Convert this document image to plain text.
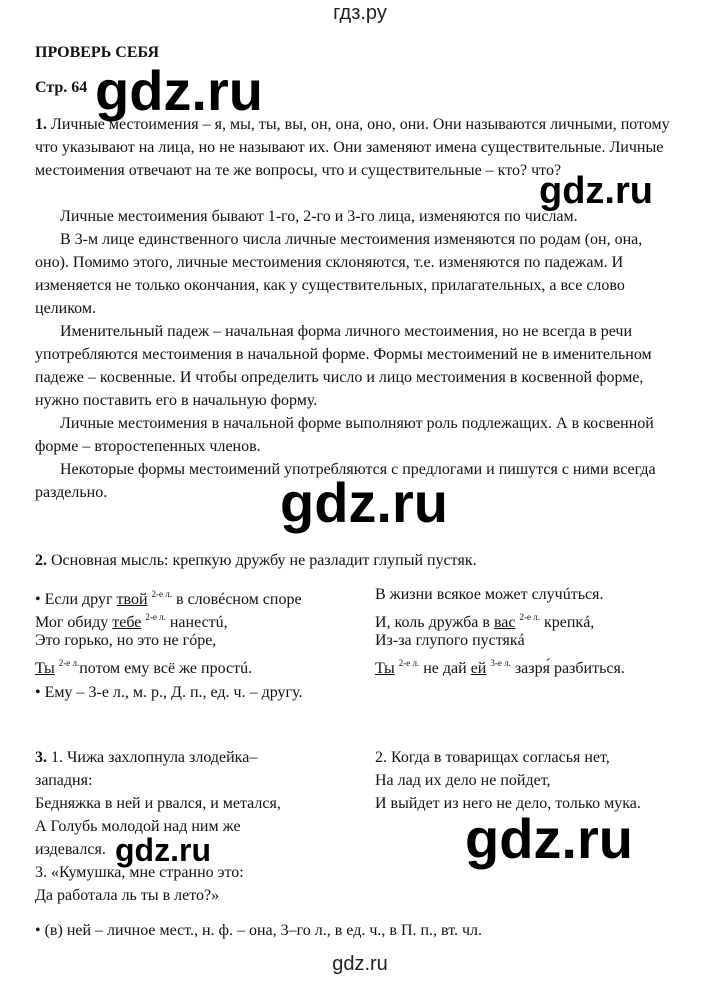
гдз.ру
ПРОВЕРЬ СЕБЯ
Стр. 64

1. Личные местоимения – я, мы, ты, вы, он, она, оно, они. Они называются личными, потому что указывают на лица, но не называют их. Они заменяют имена существительные. Личные местоимения отвечают на те же вопросы, что и существительные – кто? что?

Личные местоимения бывают 1-го, 2-го и 3-го лица, изменяются по числам.

В 3-м лице единственного числа личные местоимения изменяются по родам (он, она, оно). Помимо этого, личные местоимения склоняются, т.е. изменяются по падежам. И изменяется не только окончания, как у существительных, прилагательных, а все слово целиком.

Именительный падеж – начальная форма личного местоимения, но не всегда в речи употребляются местоимения в начальной форме. Формы местоимений не в именительном падеже – косвенные. И чтобы определить число и лицо местоимения в косвенной форме, нужно поставить его в начальную форму.

Личные местоимения в начальной форме выполняют роль подлежащих. А в косвенной форме – второстепенных членов.

Некоторые формы местоимений употребляются с предлогами и пишутся с ними всегда раздельно.

2. Основная мысль: крепкую дружбу не разладит глупый пустяк.
• Если друг твой $^{2-е л.}$ в словéсном споре
Мог обиду тебе $^{2-е л.}$ нанестú,
Это горько, но это не гóре,
Ты $^{2-е л.}$потом ему всё же простú.
В жизни всякое может случúться.
И, коль дружба в вас $^{2-е л.}$ крепкá,
Из-за глупого пустякá
Ты $^{2-е л.}$ не дай ей $^{3-е л.}$ зазря́ разбиться.
• Ему – 3-е л., м. р., Д. п., ед. ч. – другу.
3. 1. Чижа захлопнула злодейка–
западня:
Бедняжка в ней и рвался, и метался,
А Голубь молодой над ним же
издевался.
3. «Кумушка, мне странно это:
Да работала ль ты в лето?»
2. Когда в товарищах согласья нет,
На лад их дело не пойдет,
И выйдет из него не дело, только мука.
• (в) ней – личное мест., н. ф. – она, 3–го л., в ед. ч., в П. п., вт. чл.
gdz.ru
gdz.ru
gdz.ru
gdz.ru
gdz.ru
gdz.ru
